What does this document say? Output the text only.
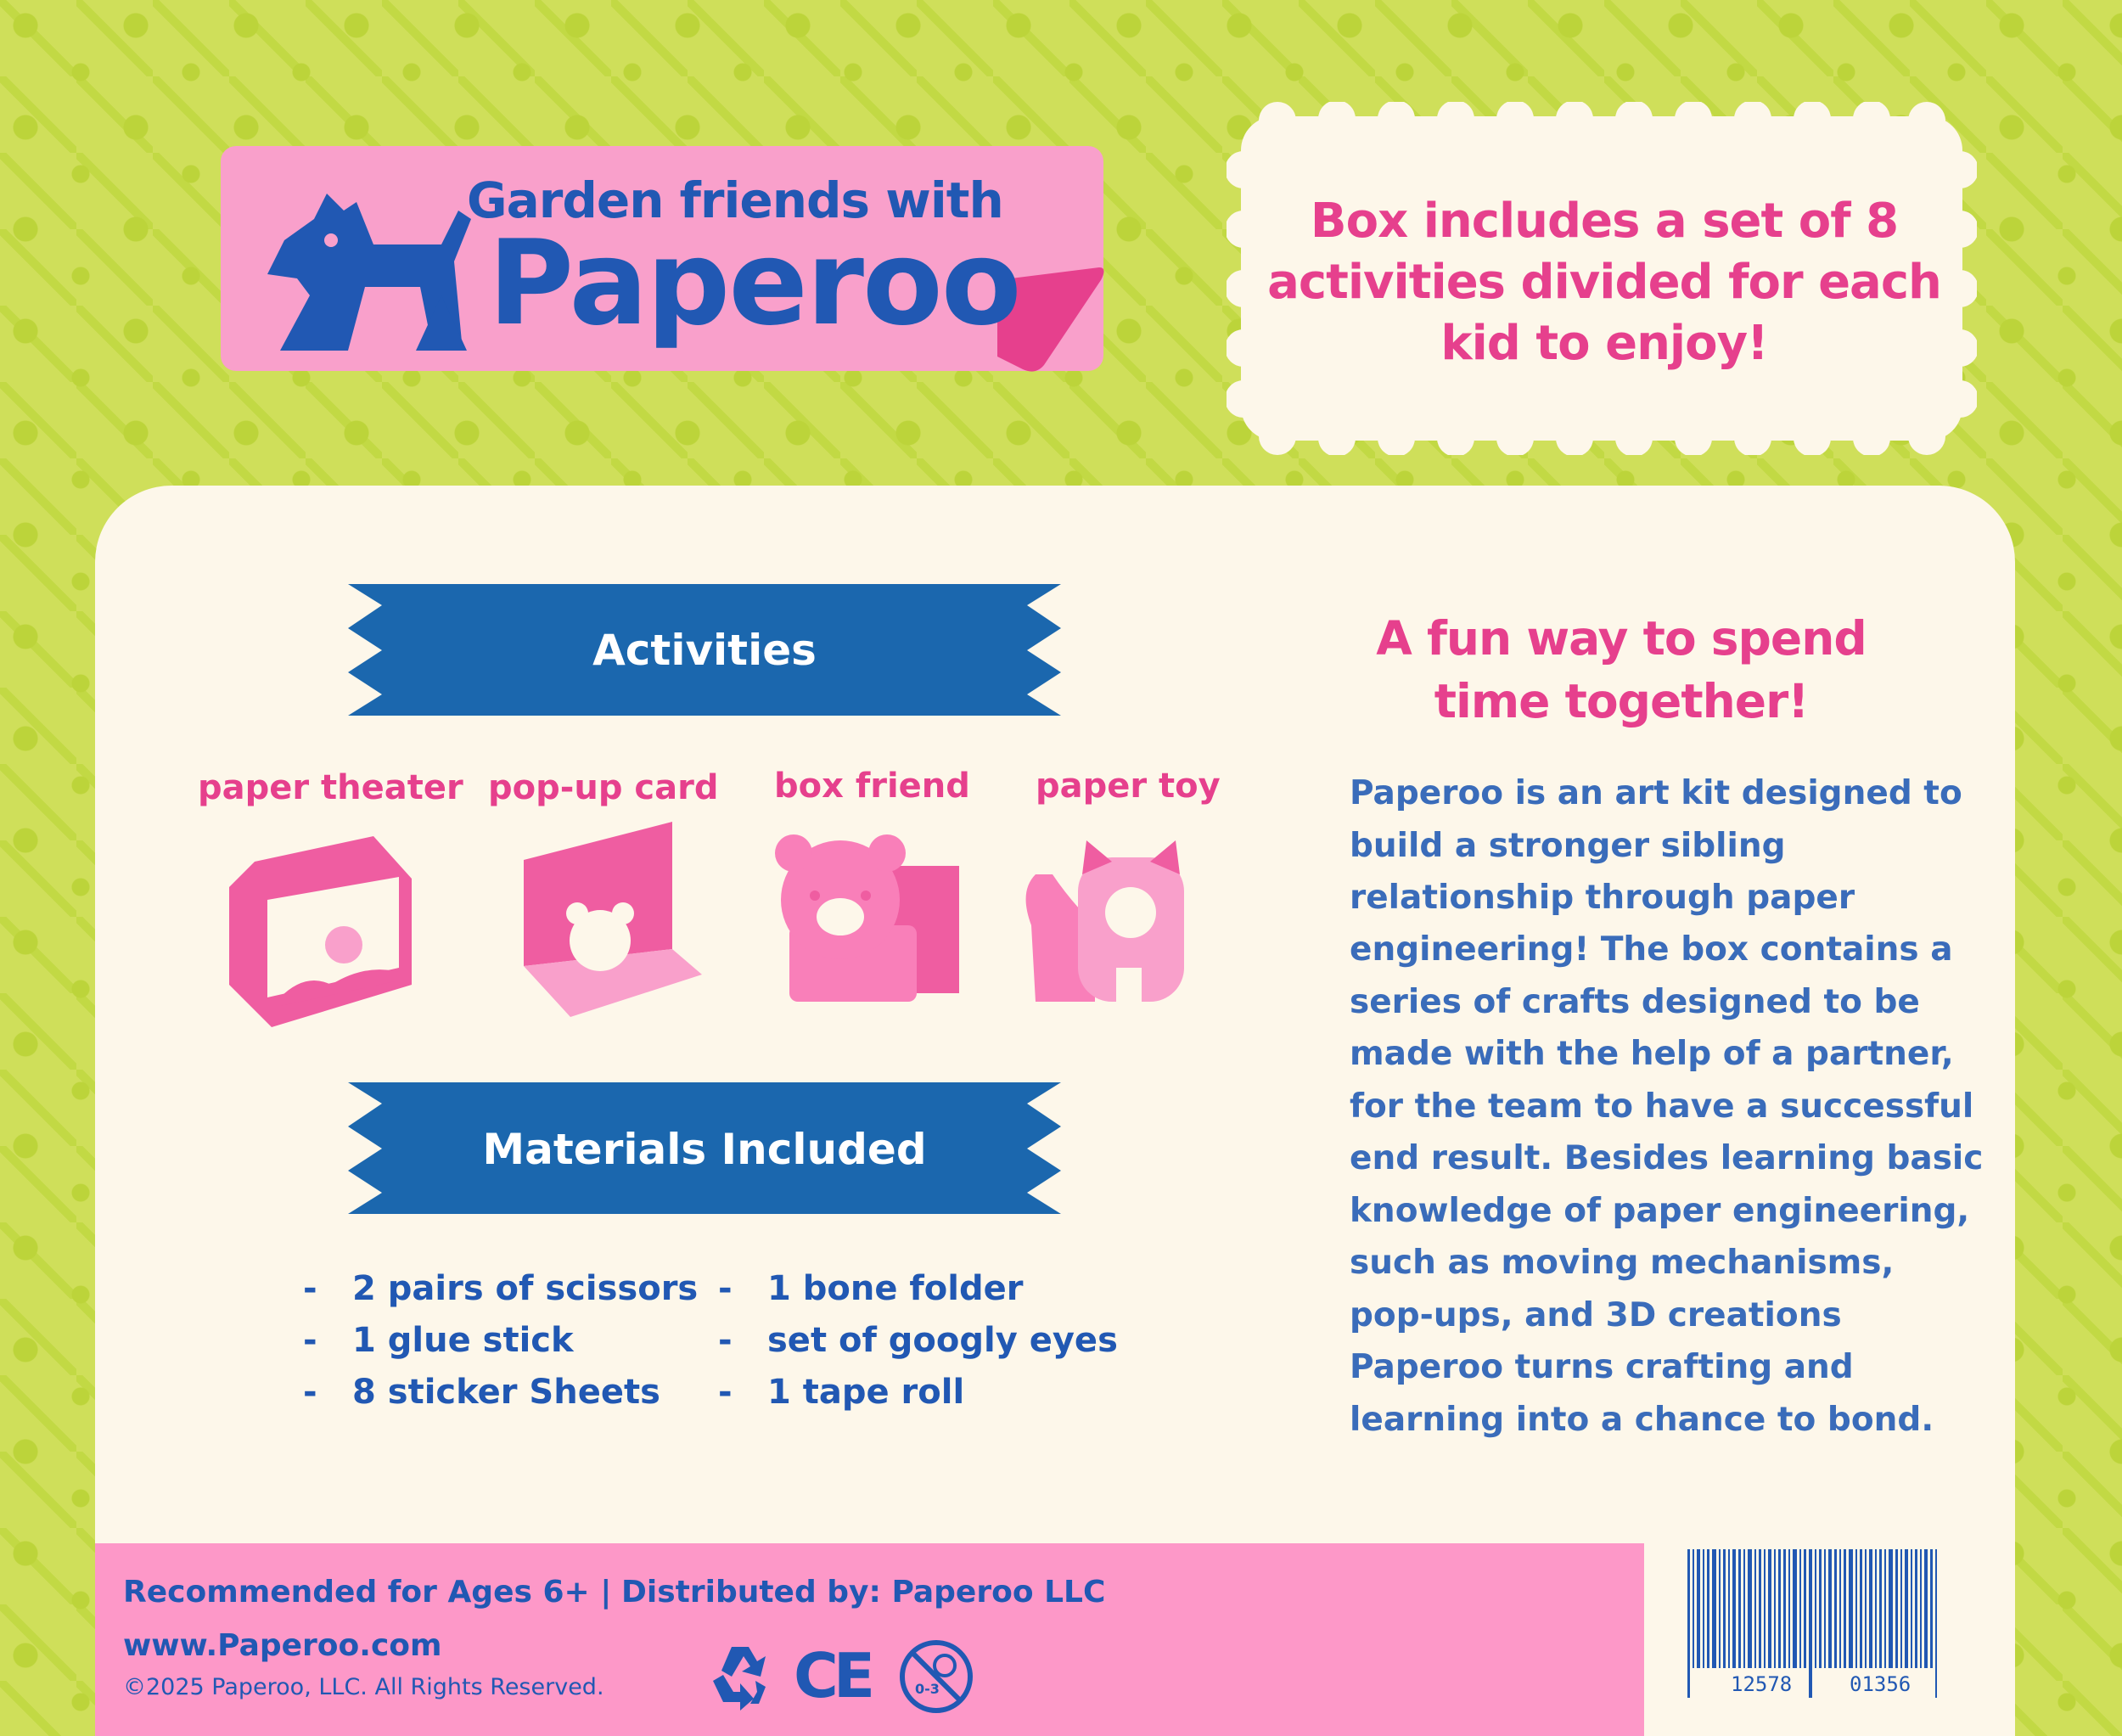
Garden friends with
Paperoo	Box includes a set of 8 activities divided for each kid to enjoy!
Activities
paper theater pop-up card box friend paper toy
Materials Included
- 2 pairs of scissors
- 1 glue stick
- 8 sticker Sheets
- 1 bone folder
- set of googly eyes
- 1 tape roll
A fun way to spend
time together!
Paperoo is an art kit designed to
build a stronger sibling
relationship through paper
engineering! The box contains a
series of crafts designed to be
made with the help of a partner,
for the team to have a successful
end result. Besides learning basic
knowledge of paper engineering,
such as moving mechanisms,
pop-ups, and 3D creations
Paperoo turns crafting and
learning into a chance to bond.
Recommended for Ages 6+ | Distributed by: Paperoo LLC
www.Paperoo.com
©2025 Paperoo, LLC. All Rights Reserved.	CE	0-3	12578	01356
